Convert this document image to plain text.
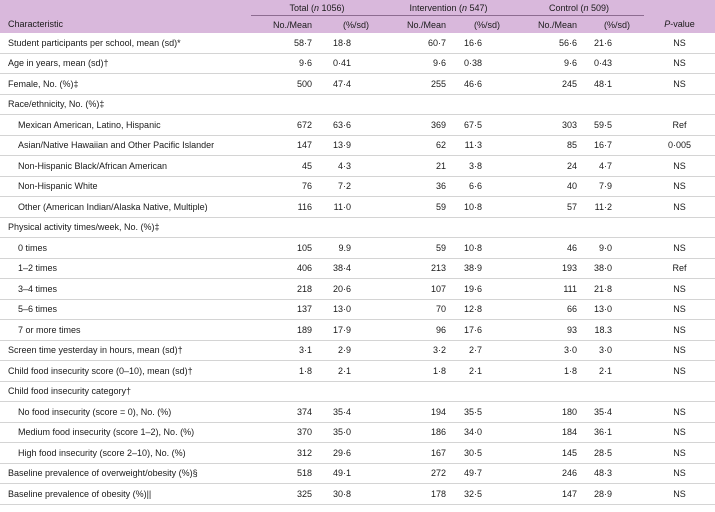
	Total (n 1056)		Intervention (n 547)		Control (n 509)		
Characteristic	No./Mean	(%/sd)	No./Mean	(%/sd)	No./Mean	(%/sd)	P-value
Student participants per school, mean (sd)*	58·7	18·8	60·7	16·6	56·6	21·6	NS
Age in years, mean (sd)†	9·6	0·41	9·6	0·38	9·6	0·43	NS
Female, No. (%)‡	500	47·4	255	46·6	245	48·1	NS
Race/ethnicity, No. (%)‡							
Mexican American, Latino, Hispanic	672	63·6	369	67·5	303	59·5	Ref
Asian/Native Hawaiian and Other Pacific Islander	147	13·9	62	11·3	85	16·7	0·005
Non-Hispanic Black/African American	45	4·3	21	3·8	24	4·7	NS
Non-Hispanic White	76	7·2	36	6·6	40	7·9	NS
Other (American Indian/Alaska Native, Multiple)	116	11·0	59	10·8	57	11·2	NS
Physical activity times/week, No. (%)‡							
0 times	105	9.9	59	10·8	46	9·0	NS
1–2 times	406	38·4	213	38·9	193	38·0	Ref
3–4 times	218	20·6	107	19·6	111	21·8	NS
5–6 times	137	13·0	70	12·8	66	13·0	NS
7 or more times	189	17·9	96	17·6	93	18.3	NS
Screen time yesterday in hours, mean (sd)†	3·1	2·9	3·2	2·7	3·0	3·0	NS
Child food insecurity score (0–10), mean (sd)†	1·8	2·1	1·8	2·1	1·8	2·1	NS
Child food insecurity category†							
No food insecurity (score = 0), No. (%)	374	35·4	194	35·5	180	35·4	NS
Medium food insecurity (score 1–2), No. (%)	370	35·0	186	34·0	184	36·1	NS
High food insecurity (score 2–10), No. (%)	312	29·6	167	30·5	145	28·5	NS
Baseline prevalence of overweight/obesity (%)§	518	49·1	272	49·7	246	48·3	NS
Baseline prevalence of obesity (%)||	325	30·8	178	32·5	147	28·9	NS
